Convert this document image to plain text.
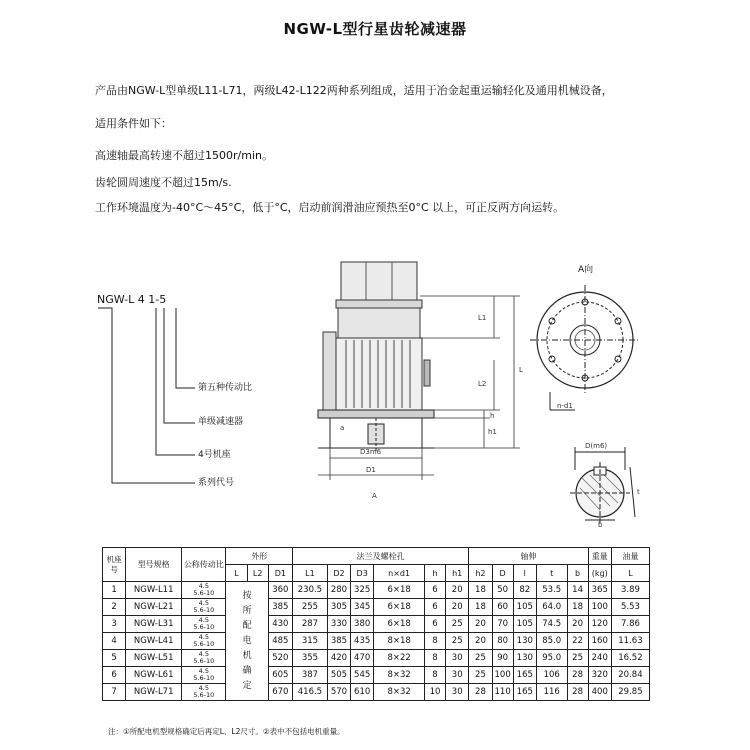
NGW-L型行星齿轮减速器
产品由NGW-L型单级L11-L71，两级L42-L122两种系列组成，适用于冶金起重运输轻化及通用机械设备，
适用条件如下：
高速轴最高转速不超过1500r/min。
齿轮圆周速度不超过15m/s.
工作环境温度为-40°C～45°C，低于°C，启动前润滑油应预热至0°C 以上，可正反两方向运转。
NGW-L 4 1-5
第五种传动比
单级减速器
4号机座
系列代号
A向
A
L
L1
L2
h
h1
D3m6
D1
a
n-d1
D(m6)
t
b
机座号	型号规格	公称传动比	外形			法兰及螺栓孔						轴伸					重量	油量
			L	L2	D1	L1	D2	D3	n×d1	h	h1	h2	D	l	t	b	(kg)	L
1	NGW-L11	4.5
5.6-10	按所配电机确定		360	230.5	280	325	6×18	6	20	18	50	82	53.5	14	365	3.89
2	NGW-L21	4.5
5.6-10			385	255	305	345	6×18	6	20	18	60	105	64.0	18	100	5.53
3	NGW-L31	4.5
5.6-10			430	287	330	380	6×18	6	25	20	70	105	74.5	20	120	7.86
4	NGW-L41	4.5
5.6-10			485	315	385	435	8×18	8	25	20	80	130	85.0	22	160	11.63
5	NGW-L51	4.5
5.6-10			520	355	420	470	8×22	8	30	25	90	130	95.0	25	240	16.52
6	NGW-L61	4.5
5.6-10			605	387	505	545	8×32	8	30	25	100	165	106	28	320	20.84
7	NGW-L71	4.5
5.6-10			670	416.5	570	610	8×32	10	30	28	110	165	116	28	400	29.85
注：①所配电机型规格确定后再定L、L2尺寸。②表中不包括电机重量。
